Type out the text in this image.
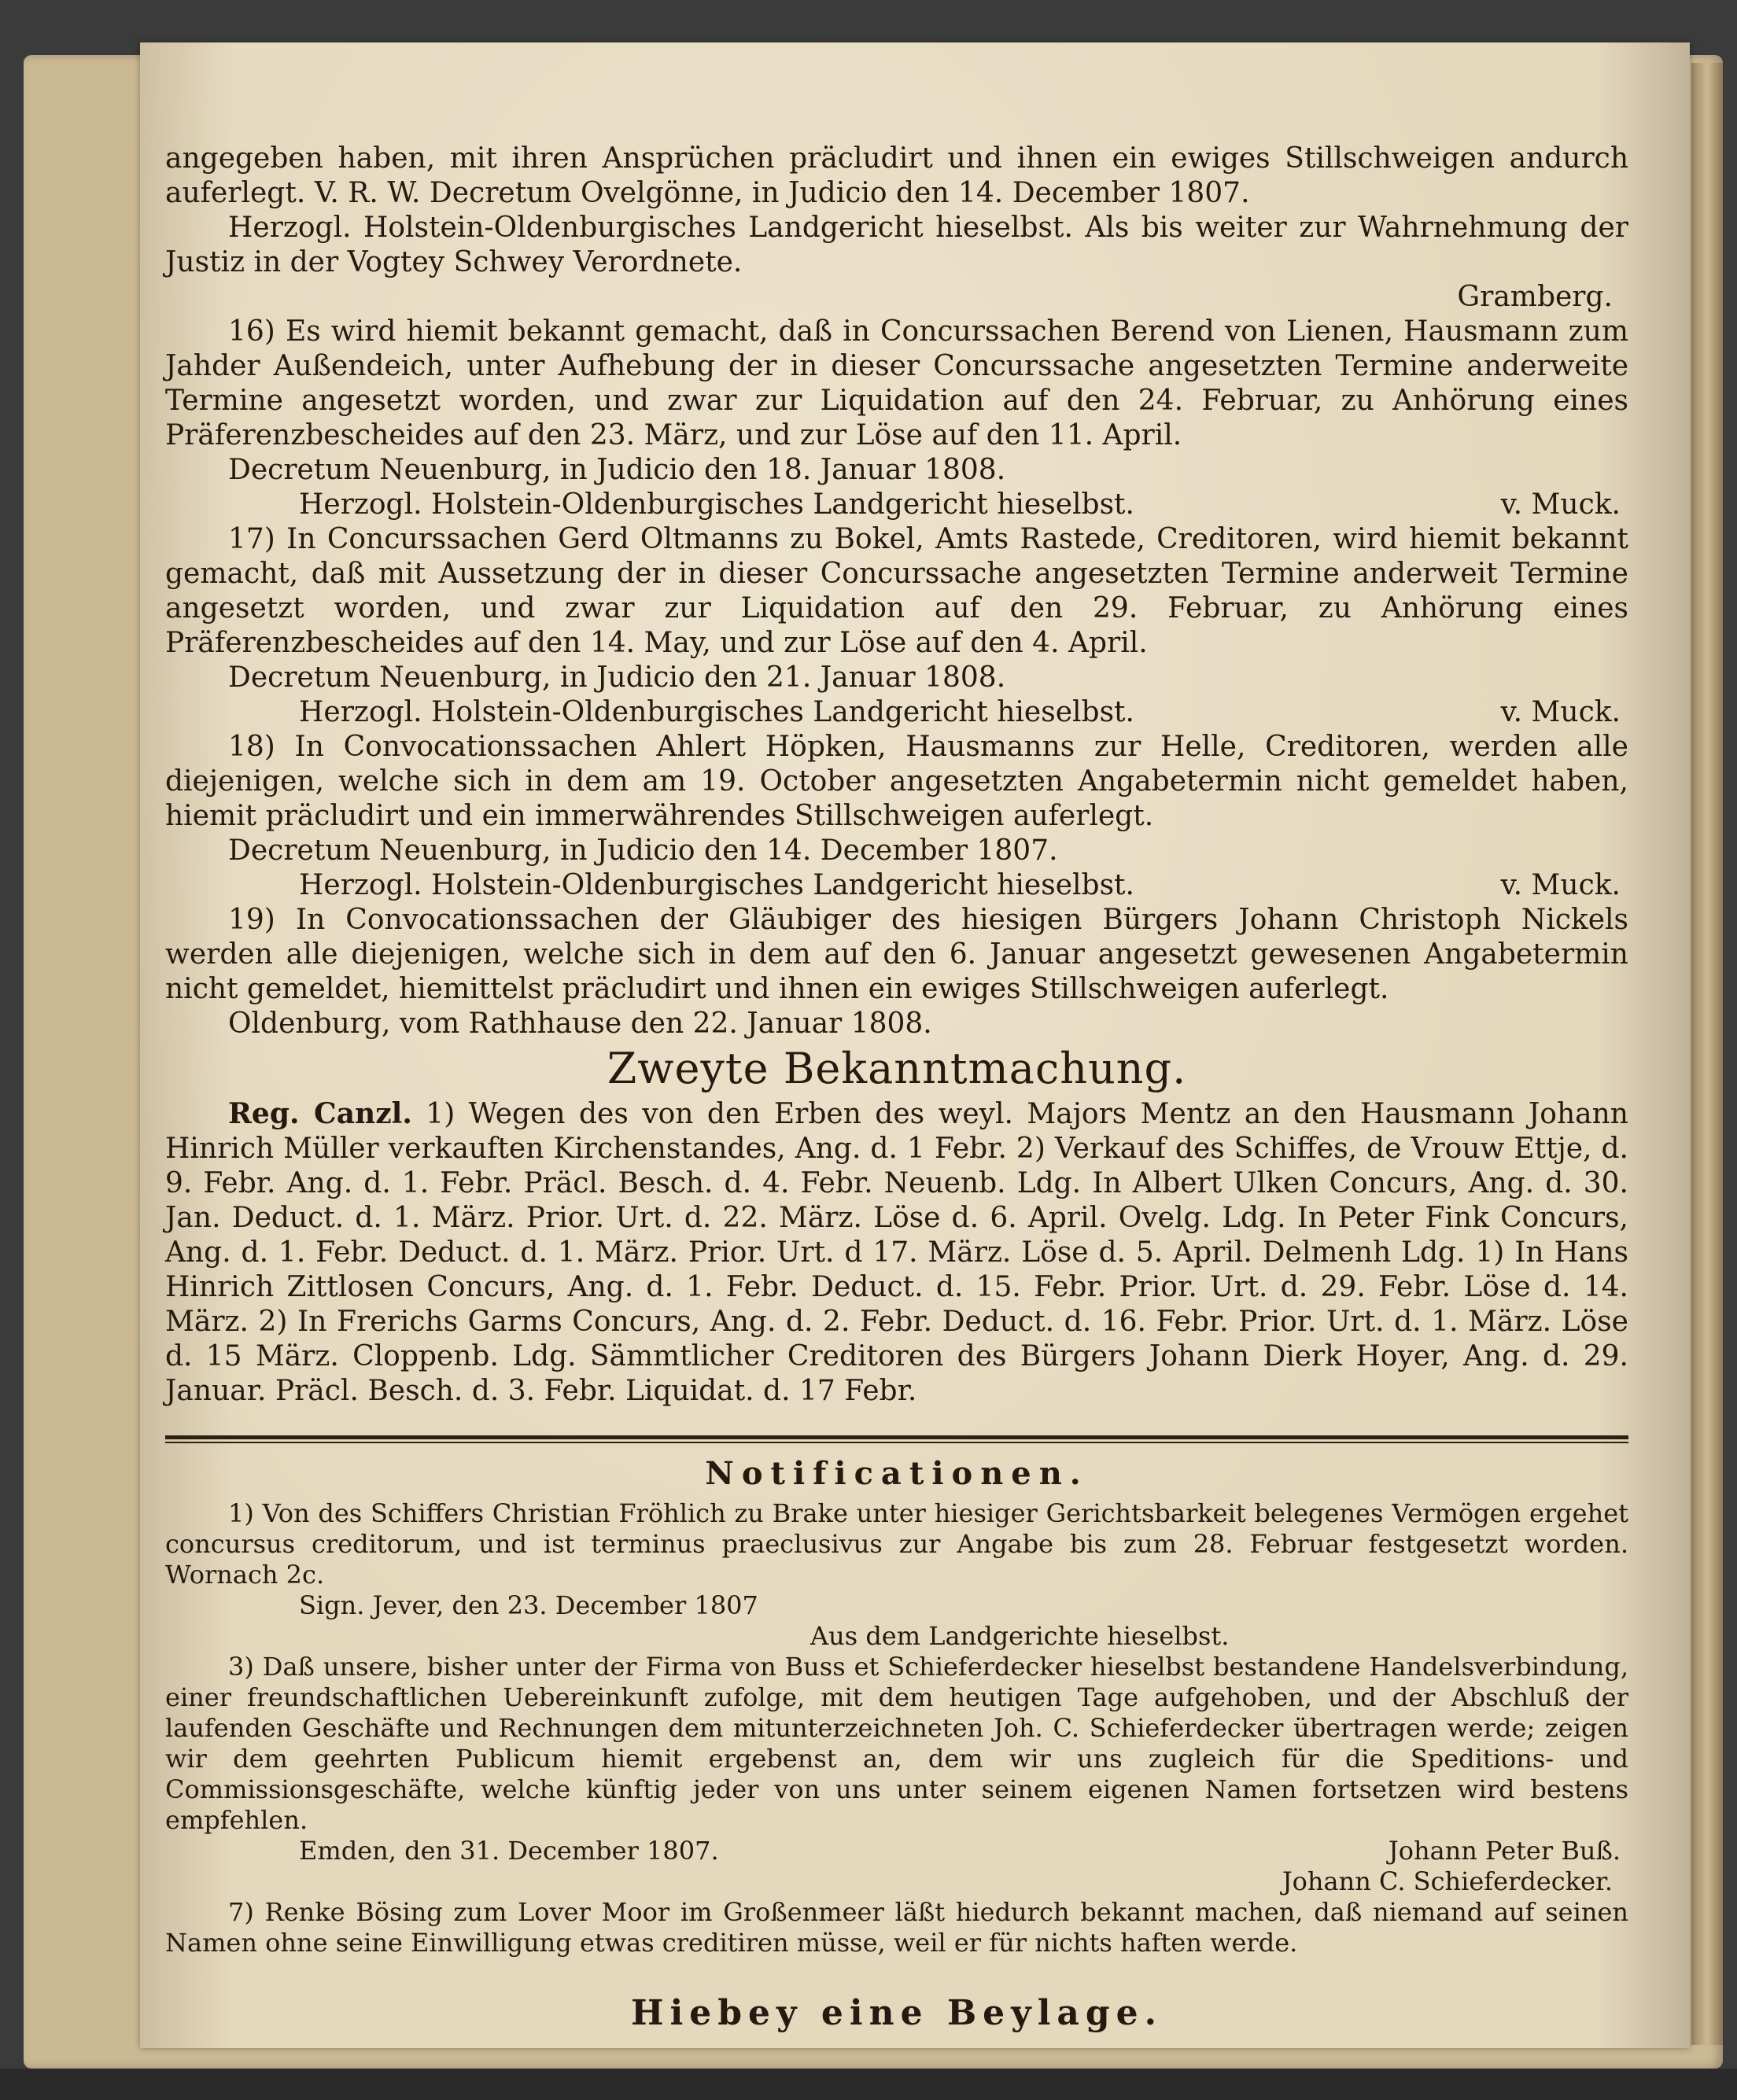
angegeben haben, mit ihren Ansprüchen präcludirt und ihnen ein ewiges Stillschweigen andurch auferlegt. V. R. W. Decretum Ovelgönne, in Judicio den 14. December 1807.

Herzogl. Holstein-Oldenburgisches Landgericht hieselbst. Als bis weiter zur Wahrnehmung der Justiz in der Vogtey Schwey Verordnete.

Gramberg.

16) Es wird hiemit bekannt gemacht, daß in Concurssachen Berend von Lienen, Hausmann zum Jahder Außendeich, unter Aufhebung der in dieser Concurssache angesetzten Termine anderweite Termine angesetzt worden, und zwar zur Liquidation auf den 24. Februar, zu Anhörung eines Präferenzbescheides auf den 23. März, und zur Löse auf den 11. April.

Decretum Neuenburg, in Judicio den 18. Januar 1808.

Herzogl. Holstein-Oldenburgisches Landgericht hieselbst.	v. Muck.

17) In Concurssachen Gerd Oltmanns zu Bokel, Amts Rastede, Creditoren, wird hiemit bekannt gemacht, daß mit Aussetzung der in dieser Concurssache angesetzten Termine anderweit Termine angesetzt worden, und zwar zur Liquidation auf den 29. Februar, zu Anhörung eines Präferenzbescheides auf den 14. May, und zur Löse auf den 4. April.

Decretum Neuenburg, in Judicio den 21. Januar 1808.

Herzogl. Holstein-Oldenburgisches Landgericht hieselbst.	v. Muck.

18) In Convocationssachen Ahlert Höpken, Hausmanns zur Helle, Creditoren, werden alle diejenigen, welche sich in dem am 19. October angesetzten Angabetermin nicht gemeldet haben, hiemit präcludirt und ein immerwährendes Stillschweigen auferlegt.

Decretum Neuenburg, in Judicio den 14. December 1807.

Herzogl. Holstein-Oldenburgisches Landgericht hieselbst.	v. Muck.

19) In Convocationssachen der Gläubiger des hiesigen Bürgers Johann Christoph Nickels werden alle diejenigen, welche sich in dem auf den 6. Januar angesetzt gewesenen Angabetermin nicht gemeldet, hiemittelst präcludirt und ihnen ein ewiges Stillschweigen auferlegt.

Oldenburg, vom Rathhause den 22. Januar 1808.

Zweyte Bekanntmachung.

Reg. Canzl. 1) Wegen des von den Erben des weyl. Majors Mentz an den Hausmann Johann Hinrich Müller verkauften Kirchenstandes, Ang. d. 1 Febr. 2) Verkauf des Schiffes, de Vrouw Ettje, d. 9. Febr. Ang. d. 1. Febr. Präcl. Besch. d. 4. Febr. Neuenb. Ldg. In Albert Ulken Concurs, Ang. d. 30. Jan. Deduct. d. 1. März. Prior. Urt. d. 22. März. Löse d. 6. April. Ovelg. Ldg. In Peter Fink Concurs, Ang. d. 1. Febr. Deduct. d. 1. März. Prior. Urt. d 17. März. Löse d. 5. April. Delmenh Ldg. 1) In Hans Hinrich Zittlosen Concurs, Ang. d. 1. Febr. Deduct. d. 15. Febr. Prior. Urt. d. 29. Febr. Löse d. 14. März. 2) In Frerichs Garms Concurs, Ang. d. 2. Febr. Deduct. d. 16. Febr. Prior. Urt. d. 1. März. Löse d. 15 März. Cloppenb. Ldg. Sämmtlicher Creditoren des Bürgers Johann Dierk Hoyer, Ang. d. 29. Januar. Präcl. Besch. d. 3. Febr. Liquidat. d. 17 Febr.

Notificationen.

1) Von des Schiffers Christian Fröhlich zu Brake unter hiesiger Gerichtsbarkeit belegenes Vermögen ergehet concursus creditorum, und ist terminus praeclusivus zur Angabe bis zum 28. Februar festgesetzt worden. Wornach 2c.

Sign. Jever, den 23. December 1807

Aus dem Landgerichte hieselbst.

3) Daß unsere, bisher unter der Firma von Buss et Schieferdecker hieselbst bestandene Handelsverbindung, einer freundschaftlichen Uebereinkunft zufolge, mit dem heutigen Tage aufgehoben, und der Abschluß der laufenden Geschäfte und Rechnungen dem mitunterzeichneten Joh. C. Schieferdecker übertragen werde; zeigen wir dem geehrten Publicum hiemit ergebenst an, dem wir uns zugleich für die Speditions- und Commissionsgeschäfte, welche künftig jeder von uns unter seinem eigenen Namen fortsetzen wird bestens empfehlen.

Emden, den 31. December 1807.	Johann Peter Buß.
Johann C. Schieferdecker.

7) Renke Bösing zum Lover Moor im Großenmeer läßt hiedurch bekannt machen, daß niemand auf seinen Namen ohne seine Einwilligung etwas creditiren müsse, weil er für nichts haften werde.

Hiebey eine Beylage.
